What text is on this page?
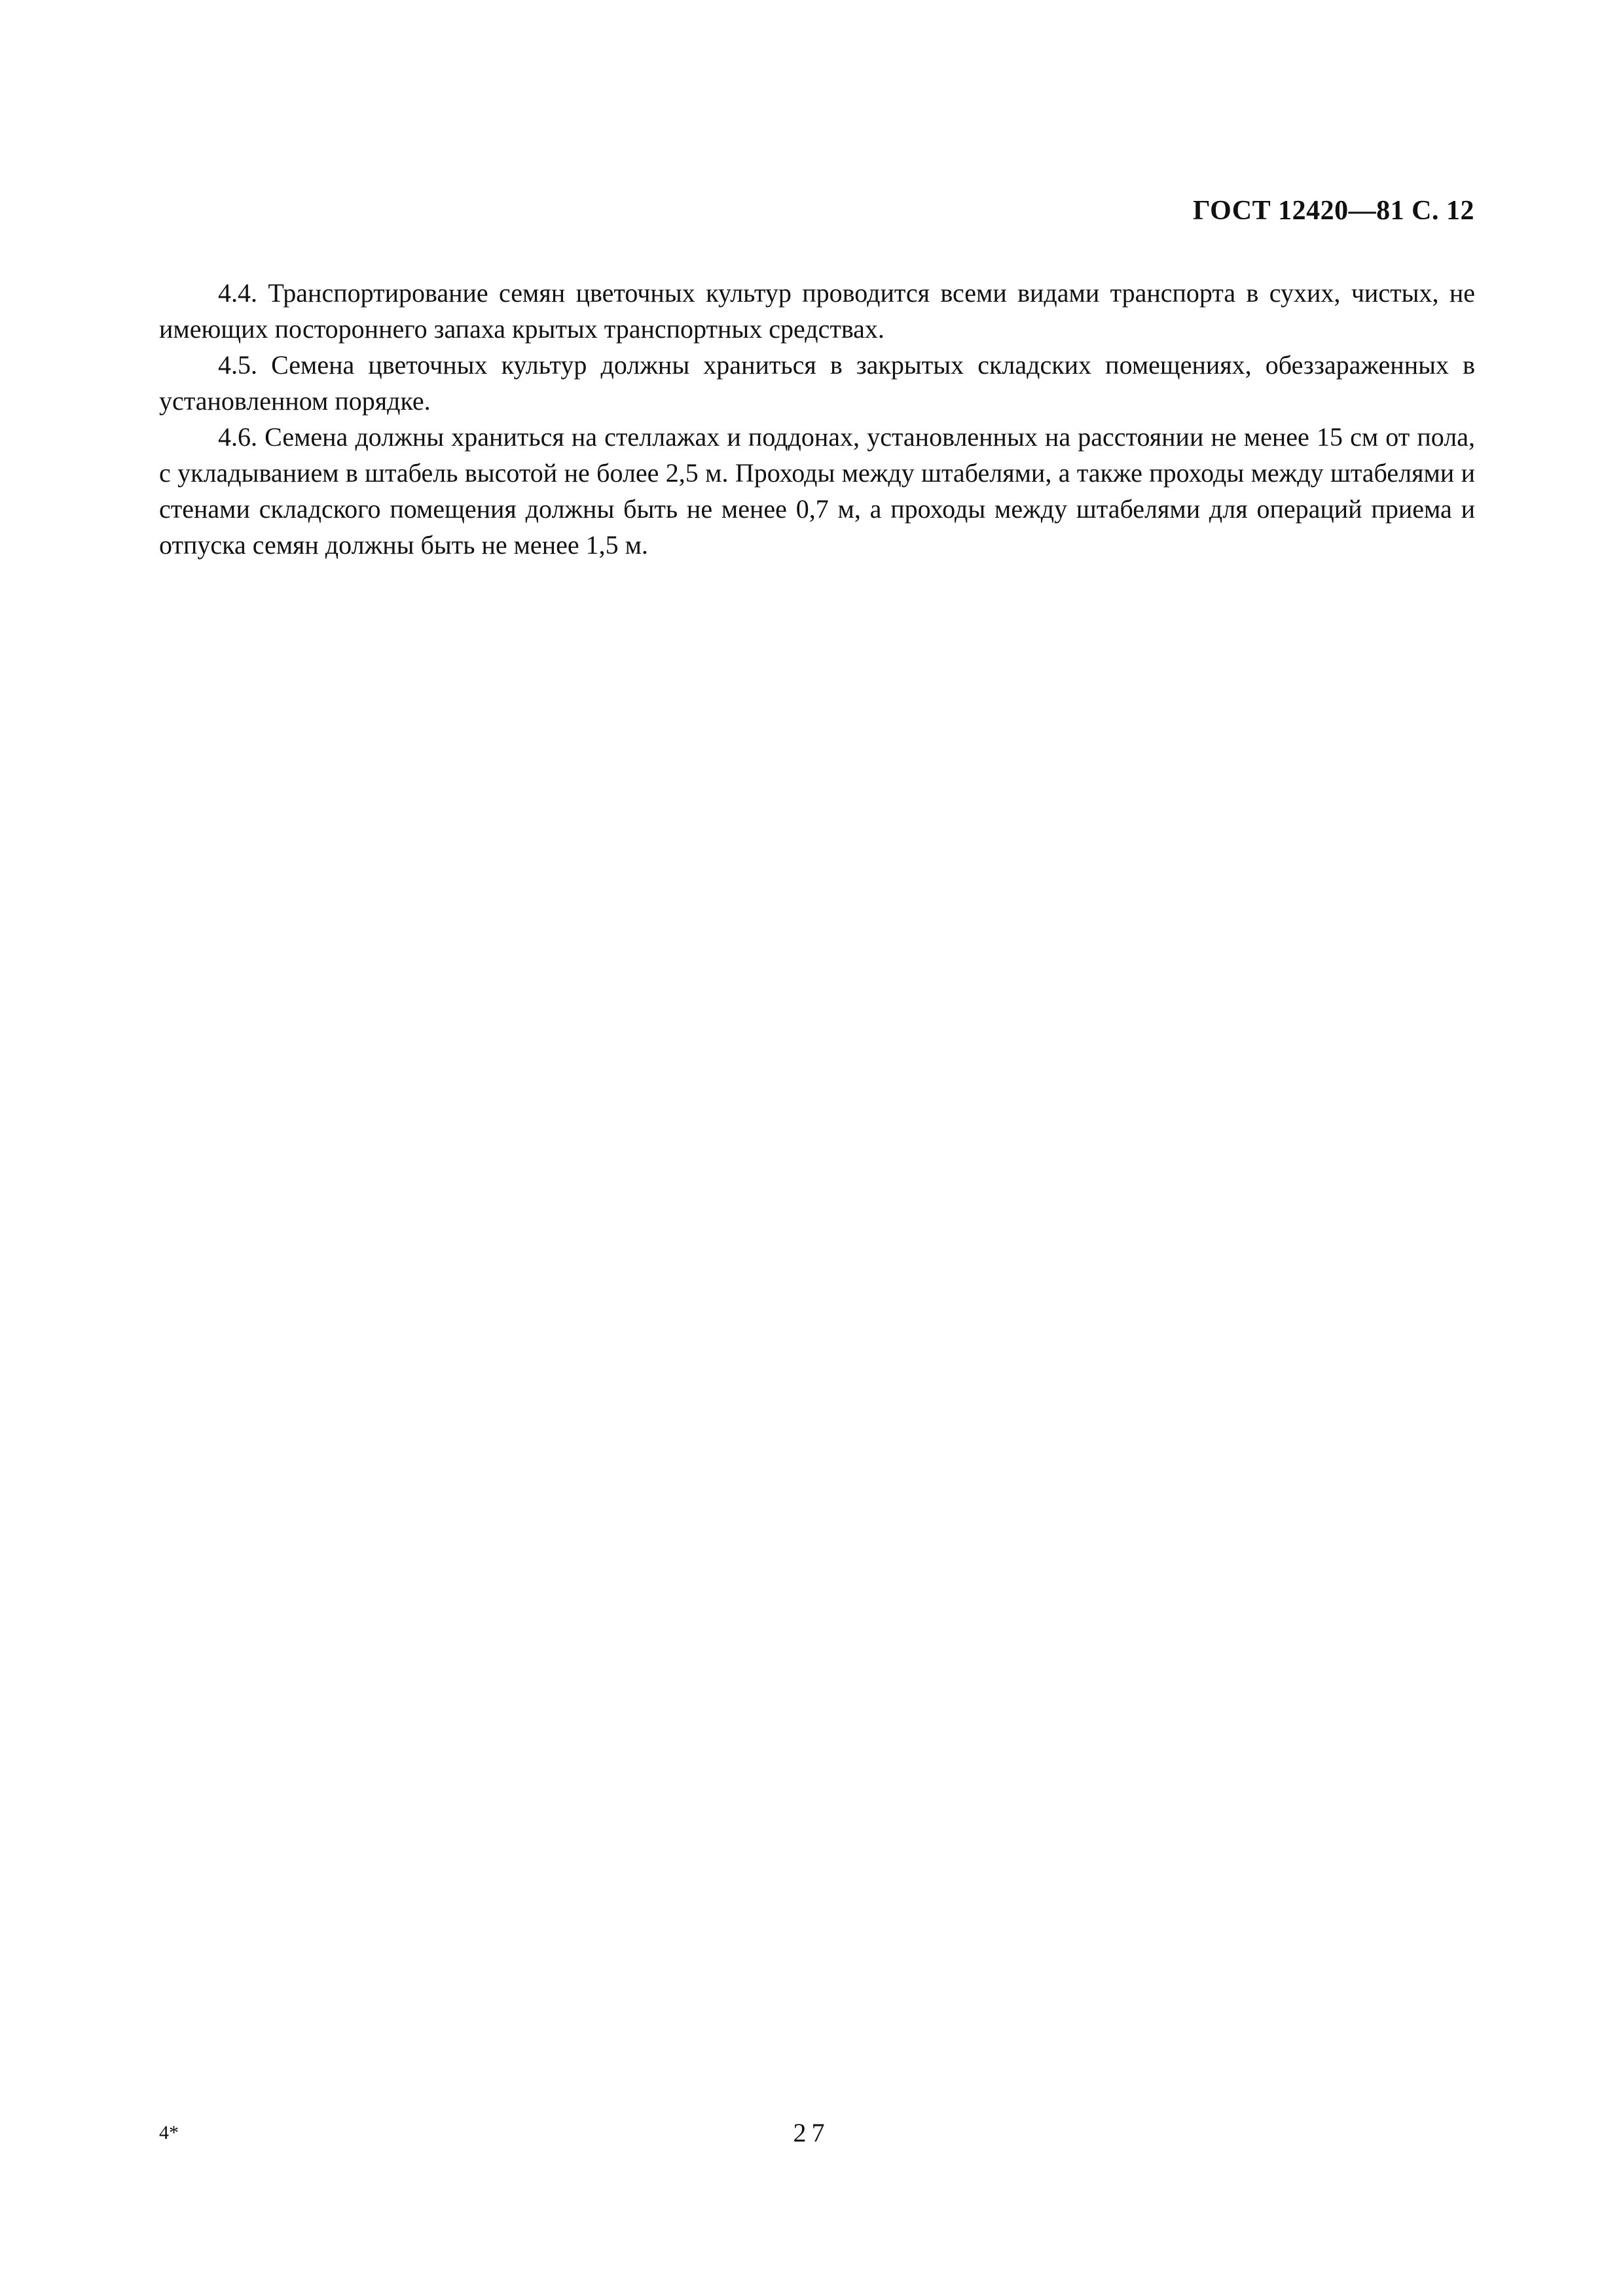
ГОСТ 12420—81 С. 12

4.4. Транспортирование семян цветочных культур проводится всеми видами транспорта в сухих, чистых, не имеющих постороннего запаха крытых транспортных средствах.

4.5. Семена цветочных культур должны храниться в закрытых складских помещениях, обеззараженных в установленном порядке.

4.6. Семена должны храниться на стеллажах и поддонах, установленных на расстоянии не менее 15 см от пола, с укладыванием в штабель высотой не более 2,5 м. Проходы между штабелями, а также проходы между штабелями и стенами складского помещения должны быть не менее 0,7 м, а проходы между штабелями для операций приема и отпуска семян должны быть не менее 1,5 м.

4*	27
